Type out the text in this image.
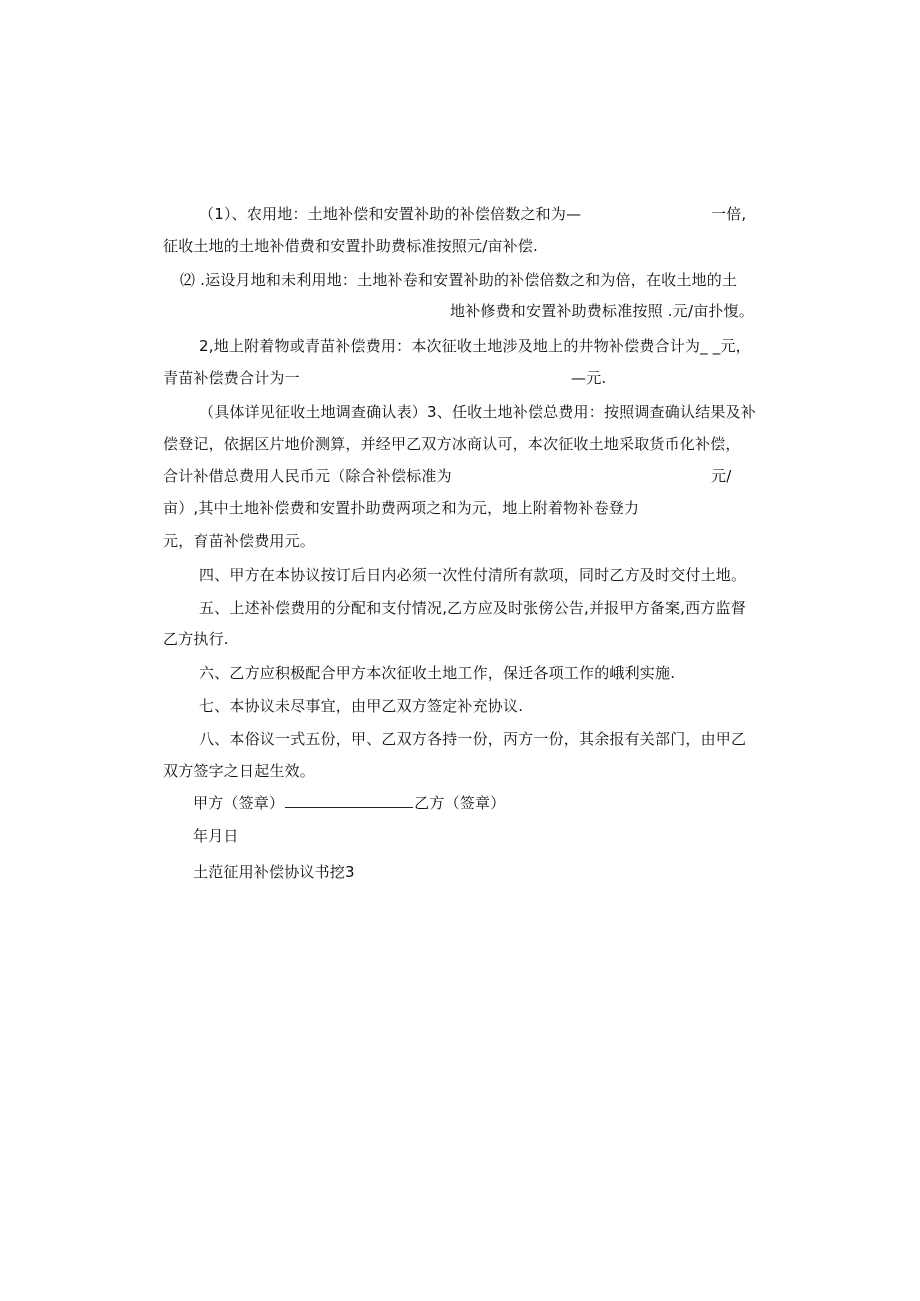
（1）、农用地：土地补偿和安置补助的补偿倍数之和为—	一倍,
征收土地的土地补借费和安置扑助费标准按照元/亩补偿.
⑵ .运设月地和未利用地：土地补卷和安置补助的补偿倍数之和为倍，在收土地的土
地补修费和安置补助费标准按照 .元/亩扑愎。
2,地上附着物或青苗补偿费用：本次征收土地涉及地上的井物补偿费合计为_ _元，
青苗补偿费合计为一	—元.
（具体详见征收土地调查确认表）3、任收土地补偿总费用：按照调查确认结果及补
偿登记，依据区片地价测算，并经甲乙双方冰商认可，本次征收土地采取货币化补偿，
合计补借总费用人民币元（除合补偿标准为	元/
亩）,其中土地补偿费和安置扑助费两项之和为元，地上附着物补卷登力
元，育苗补偿费用元。
四、甲方在本协议按订后日内必须一次性付清所有款项，同时乙方及时交付土地。
五、上述补偿费用的分配和支付情况,乙方应及时张傍公告,并报甲方备案,西方监督
乙方执行.
六、乙方应积极配合甲方本次征收土地工作，保迁各项工作的峨利实施.
七、本协议未尽事宜，由甲乙双方签定补充协议.
八、本俗议一式五份，甲、乙双方各持一份，丙方一份，其余报有关部门，由甲乙
双方签字之日起生效。
甲方（签章）	乙方（签章）
年月日
土范征用补偿协议书挖3
